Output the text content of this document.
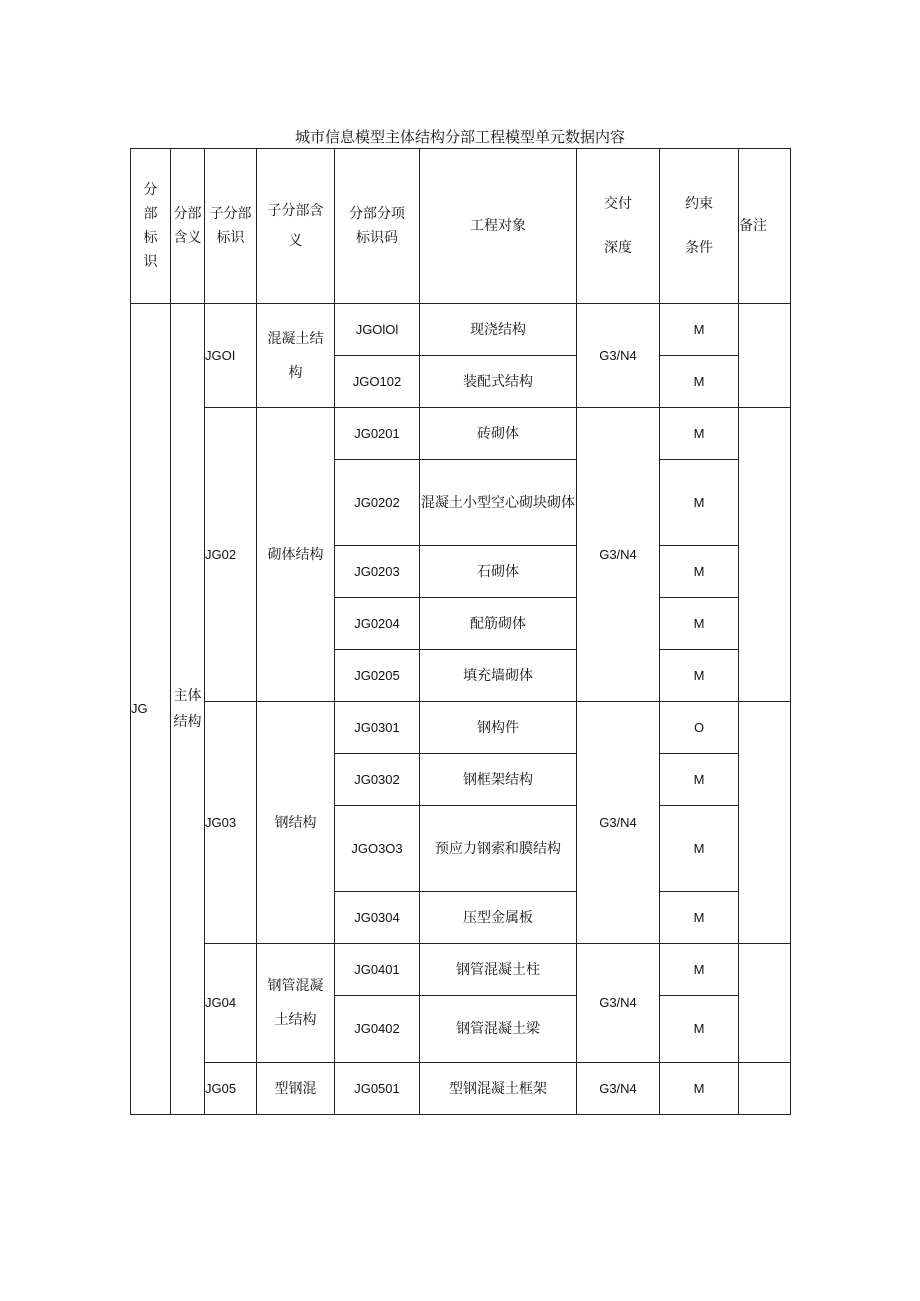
城市信息模型主体结构分部工程模型单元数据内容
分部标识	分部含义	子分部标识	子分部含义	分部分项标识码	工程对象	交付深度	约束条件	备注
JG	主体结构	JGOI	混凝土结构	JGOlOl	现浇结构	G3/N4	M	
				JGO102	装配式结构		M	
		JG02	砌体结构	JG0201	砖砌体	G3/N4	M	
				JG0202	混凝土小型空心砌块砌体		M	
				JG0203	石砌体		M	
				JG0204	配筋砌体		M	
				JG0205	填充墙砌体		M	
		JG03	钢结构	JG0301	钢构件	G3/N4	O	
				JG0302	钢框架结构		M	
				JGO3O3	预应力钢索和膜结构		M	
				JG0304	压型金属板		M	
		JG04	钢管混凝土结构	JG0401	钢管混凝土柱	G3/N4	M	
				JG0402	钢管混凝土梁		M	
		JG05	型钢混	JG0501	型钢混凝土框架	G3/N4	M	
